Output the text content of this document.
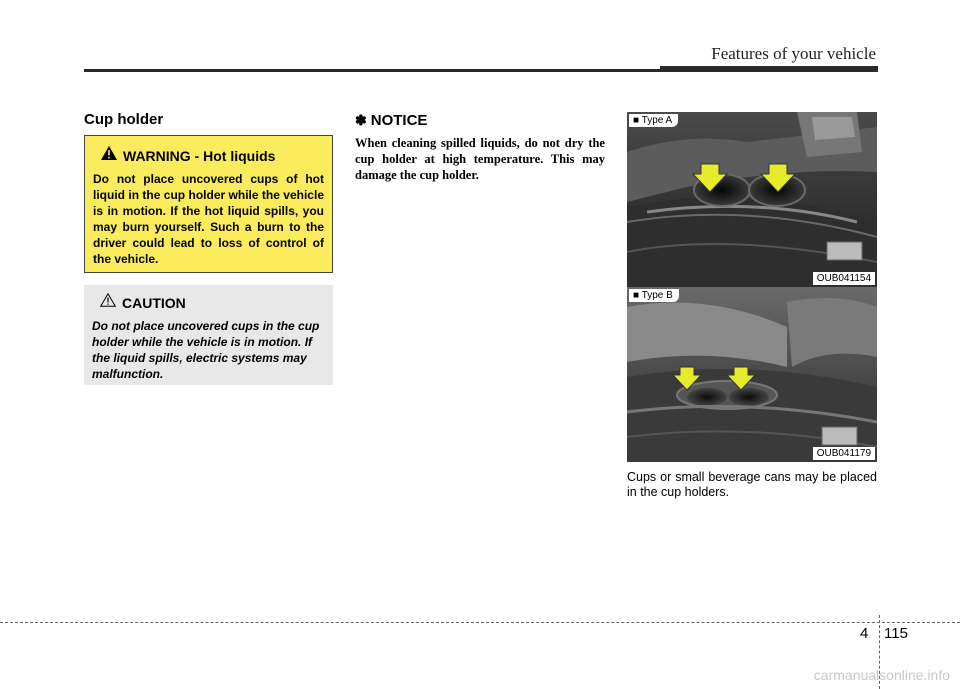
Features of your vehicle
Cup holder
WARNING - Hot liquids
Do not place uncovered cups of hot liquid in the cup holder while the vehicle is in motion. If the hot liquid spills, you may burn yourself. Such a burn to the driver could lead to loss of control of the vehicle.
CAUTION
Do not place uncovered cups in the cup holder while the vehicle is in motion. If the liquid spills, electric systems may malfunction.
✽ NOTICE
When cleaning spilled liquids, do not dry the cup holder at high temperature. This may damage the cup holder.
■ Type A
OUB041154
■ Type B
OUB041179
Cups or small beverage cans may be placed in the cup holders.
4 115
carmanualsonline.info
